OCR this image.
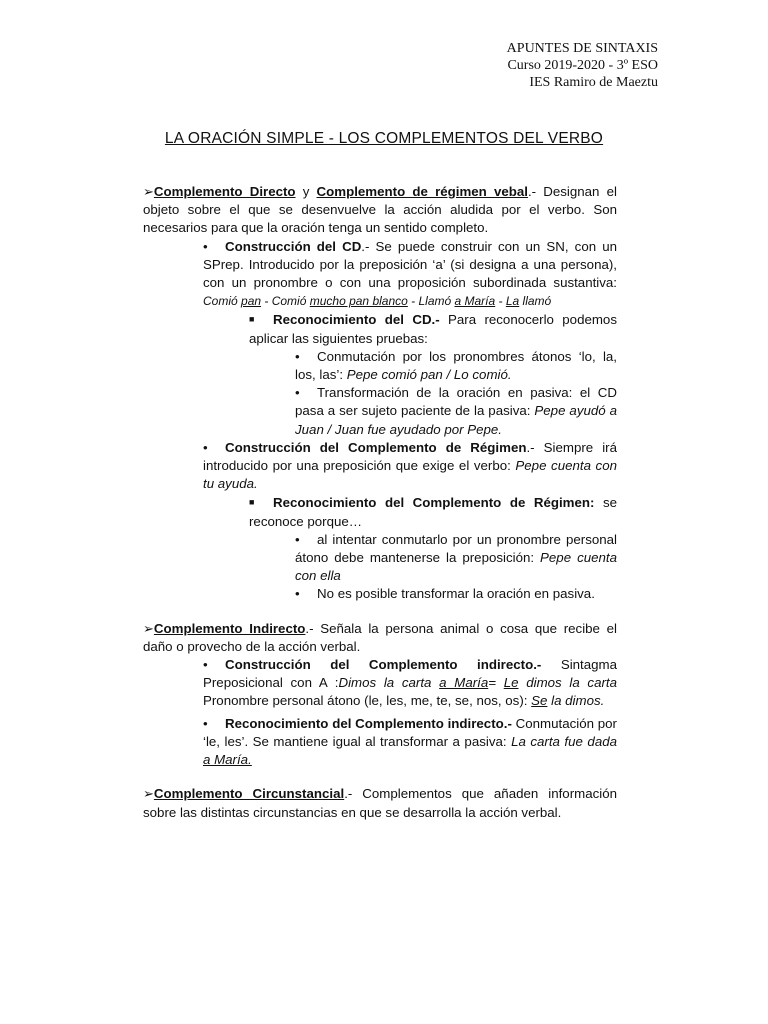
APUNTES DE SINTAXIS
Curso 2019-2020 - 3º ESO
IES Ramiro de Maeztu
LA ORACIÓN SIMPLE - LOS COMPLEMENTOS DEL VERBO

➢Complemento Directo y Complemento de régimen vebal.- Designan el objeto sobre el que se desenvuelve la acción aludida por el verbo. Son necesarios para que la oración tenga un sentido completo.

• Construcción del CD.- Se puede construir con un SN, con un SPrep. Introducido por la preposición ‘a’ (si designa a una persona), con un pronombre o con una proposición subordinada sustantiva: Comió pan - Comió mucho pan blanco - Llamó a María - La llamó

■ Reconocimiento del CD.- Para reconocerlo podemos aplicar las siguientes pruebas:

• Conmutación por los pronombres átonos ‘lo, la, los, las’: Pepe comió pan / Lo comió.

• Transformación de la oración en pasiva: el CD pasa a ser sujeto paciente de la pasiva: Pepe ayudó a Juan / Juan fue ayudado por Pepe.

• Construcción del Complemento de Régimen.- Siempre irá introducido por una preposición que exige el verbo: Pepe cuenta con tu ayuda.

■ Reconocimiento del Complemento de Régimen: se reconoce porque…

• al intentar conmutarlo por un pronombre personal átono debe mantenerse la preposición: Pepe cuenta con ella

• No es posible transformar la oración en pasiva.

➢Complemento Indirecto.- Señala la persona animal o cosa que recibe el daño o provecho de la acción verbal.

• Construcción del Complemento indirecto.- Sintagma Preposicional con A :Dimos la carta a María= Le dimos la carta Pronombre personal átono (le, les, me, te, se, nos, os): Se la dimos.

• Reconocimiento del Complemento indirecto.- Conmutación por ‘le, les’. Se mantiene igual al transformar a pasiva: La carta fue dada a María.

➢Complemento Circunstancial.- Complementos que añaden información sobre las distintas circunstancias en que se desarrolla la acción verbal.
